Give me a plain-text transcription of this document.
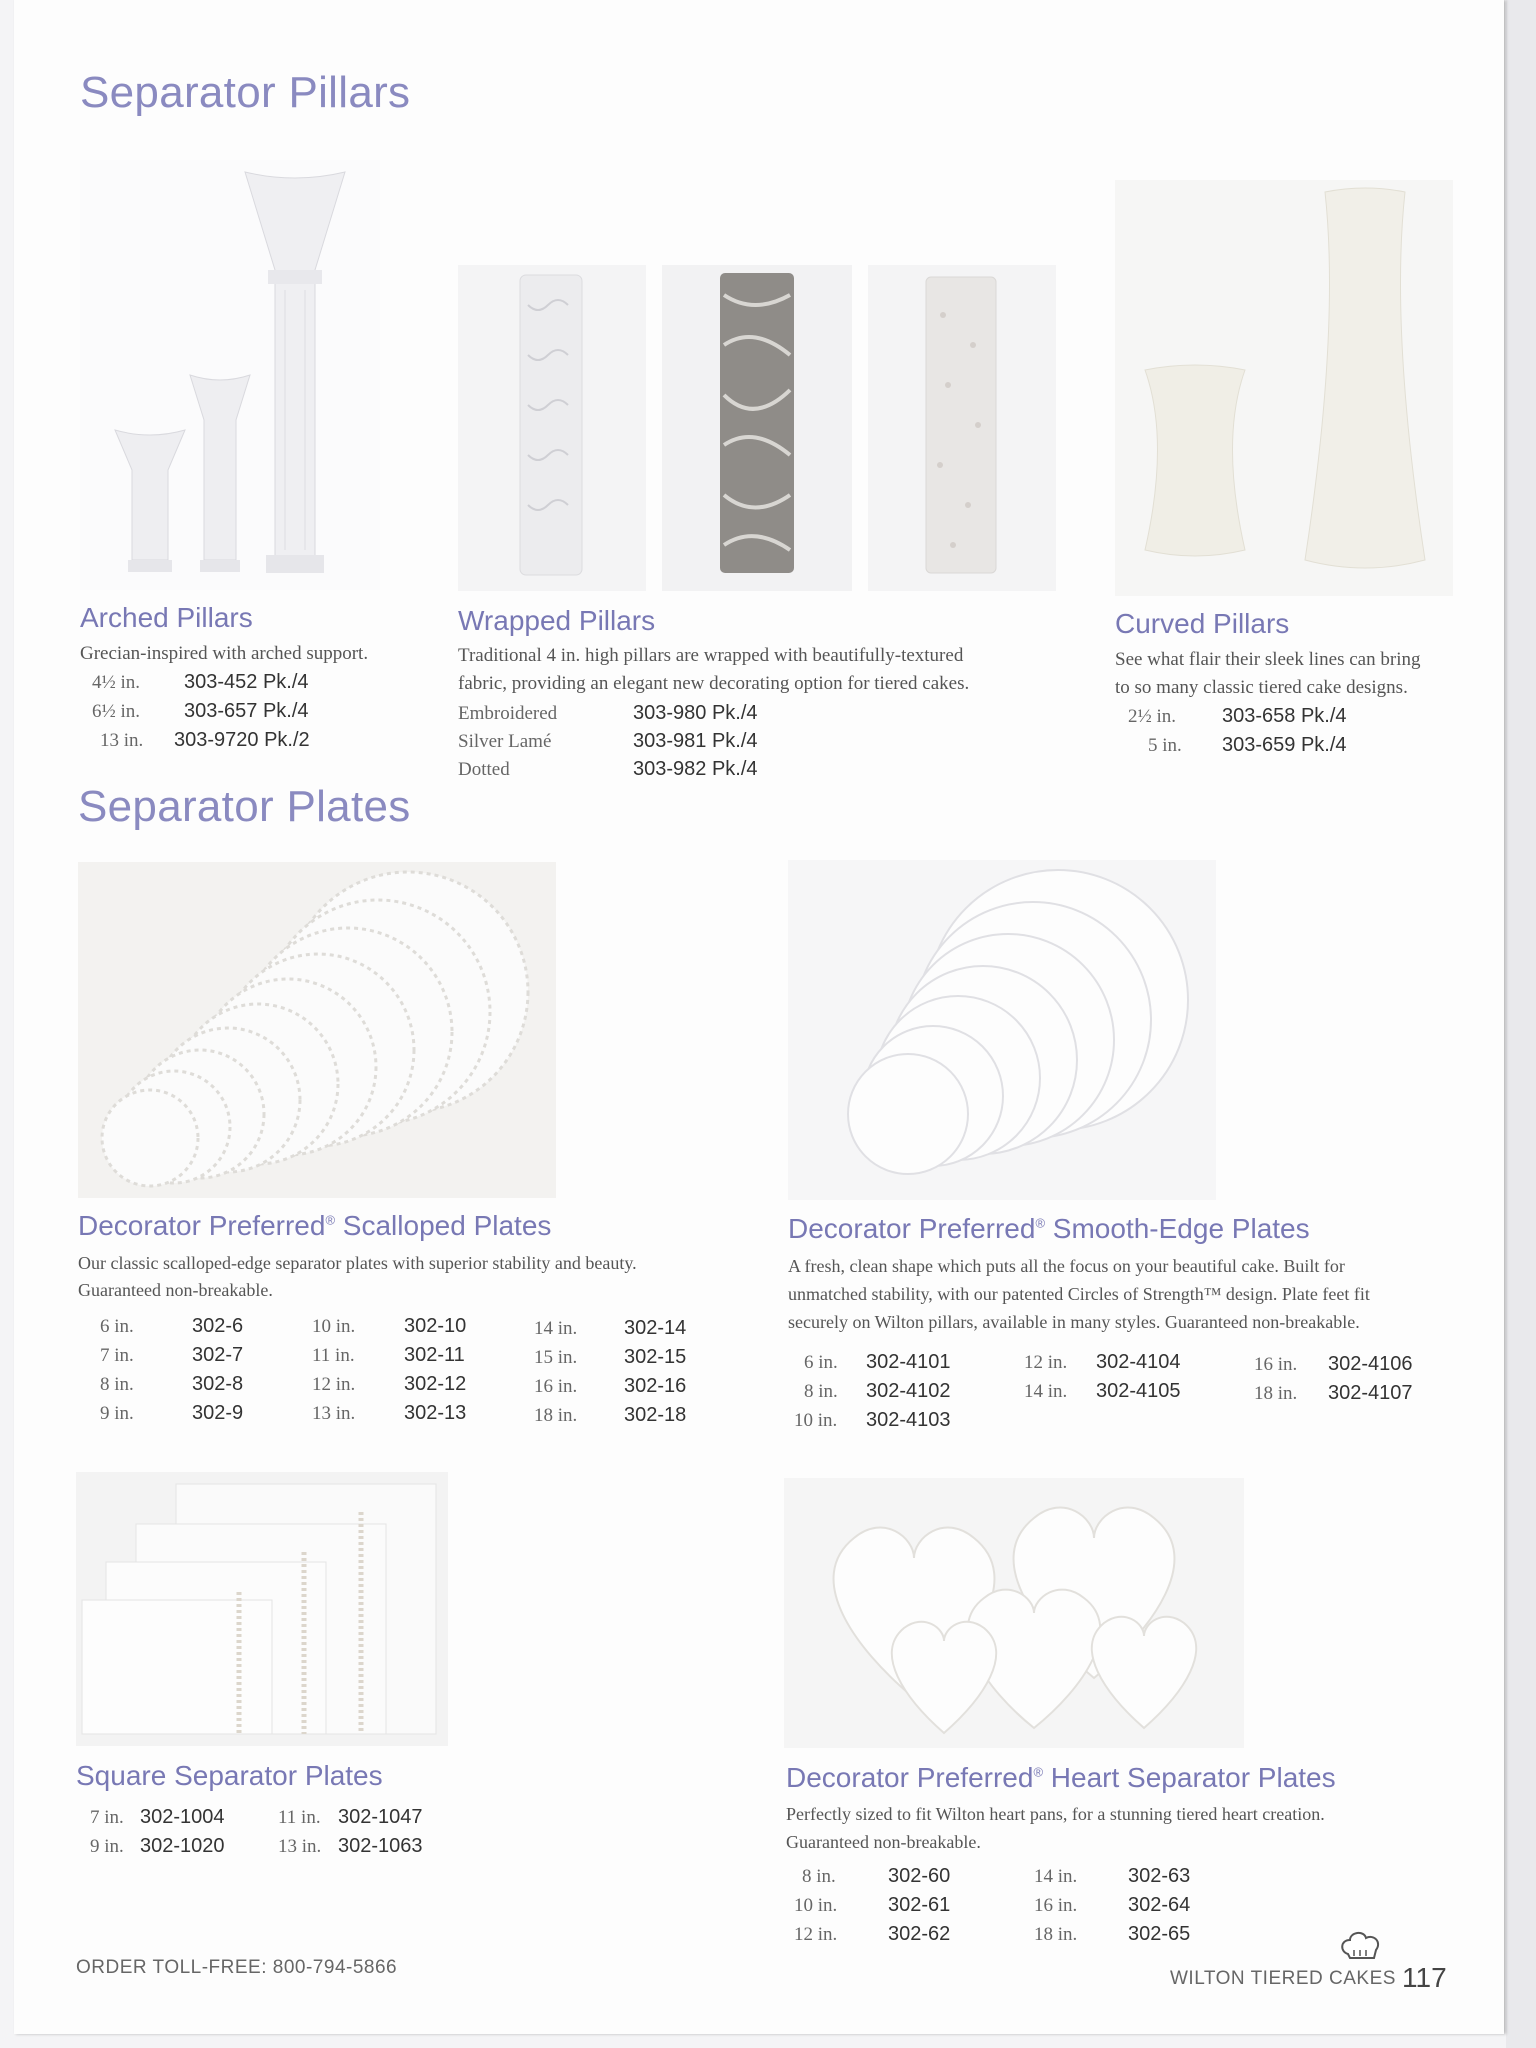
Separator Pillars
Arched Pillars
Grecian-inspired with arched support.
4½ in. 303-452 Pk./4
6½ in. 303-657 Pk./4
13 in. 303-9720 Pk./2
Wrapped Pillars
Traditional 4 in. high pillars are wrapped with beautifully-textured
fabric, providing an elegant new decorating option for tiered cakes.
Embroidered	303-980 Pk./4
Silver Lamé	303-981 Pk./4
Dotted	303-982 Pk./4
Curved Pillars
See what flair their sleek lines can bring
to so many classic tiered cake designs.
2½ in. 303-658 Pk./4
5 in. 303-659 Pk./4
Separator Plates
Decorator Preferred® Scalloped Plates
Our classic scalloped-edge separator plates with superior stability and beauty.
Guaranteed non-breakable.
6 in.	302-6
7 in.	302-7
8 in.	302-8
9 in.	302-9
10 in. 302-10
11 in. 302-11
12 in. 302-12
13 in. 302-13
14 in. 302-14
15 in. 302-15
16 in. 302-16
18 in. 302-18
Decorator Preferred® Smooth-Edge Plates
A fresh, clean shape which puts all the focus on your beautiful cake. Built for
unmatched stability, with our patented Circles of Strength™ design. Plate feet fit
securely on Wilton pillars, available in many styles. Guaranteed non-breakable.
6 in. 302-4101
8 in. 302-4102
10 in. 302-4103
12 in. 302-4104
14 in. 302-4105
16 in. 302-4106
18 in. 302-4107
Square Separator Plates
7 in. 302-1004
9 in. 302-1020
11 in. 302-1047
13 in. 302-1063
Decorator Preferred® Heart Separator Plates
Perfectly sized to fit Wilton heart pans, for a stunning tiered heart creation.
Guaranteed non-breakable.
8 in.	302-60
10 in.	302-61
12 in.	302-62
14 in.	302-63
16 in.	302-64
18 in.	302-65
ORDER TOLL-FREE: 800-794-5866
WILTON TIERED CAKES 117
